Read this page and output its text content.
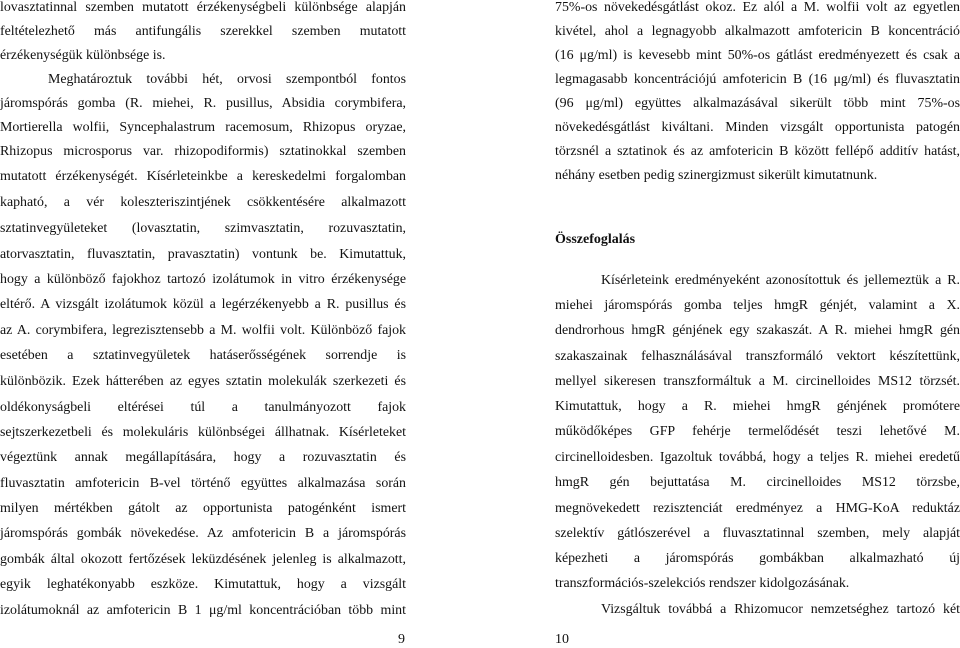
lovasztatinnal szemben mutatott érzékenységbeli különbsége alapján
feltételezhető más antifungális szerekkel szemben mutatott
érzékenységük különbsége is.
Meghatároztuk további hét, orvosi szempontból fontos
járomspórás gomba (R. miehei, R. pusillus, Absidia corymbifera,
Mortierella wolfii, Syncephalastrum racemosum, Rhizopus oryzae,
Rhizopus microsporus var. rhizopodiformis) sztatinokkal szemben
mutatott érzékenységét. Kísérleteinkbe a kereskedelmi forgalomban
kapható, a vér koleszteriszintjének csökkentésére alkalmazott
sztatinvegyületeket (lovasztatin, szimvasztatin, rozuvasztatin,
atorvasztatin, fluvasztatin, pravasztatin) vontunk be. Kimutattuk,
hogy a különböző fajokhoz tartozó izolátumok in vitro érzékenysége
eltérő. A vizsgált izolátumok közül a legérzékenyebb a R. pusillus és
az A. corymbifera, legrezisztensebb a M. wolfii volt. Különböző fajok
esetében a sztatinvegyületek hatáserősségének sorrendje is
különbözik. Ezek hátterében az egyes sztatin molekulák szerkezeti és
oldékonyságbeli eltérései túl a tanulmányozott fajok
sejtszerkezetbeli és molekuláris különbségei állhatnak. Kísérleteket
végeztünk annak megállapítására, hogy a rozuvasztatin és
fluvasztatin amfotericin B-vel történő együttes alkalmazása során
milyen mértékben gátolt az opportunista patogénként ismert
járomspórás gombák növekedése. Az amfotericin B a járomspórás
gombák által okozott fertőzések leküzdésének jelenleg is alkalmazott,
egyik leghatékonyabb eszköze. Kimutattuk, hogy a vizsgált
izolátumoknál az amfotericin B 1 μg/ml koncentrációban több mint
9
75%-os növekedésgátlást okoz. Ez alól a M. wolfii volt az egyetlen
kivétel, ahol a legnagyobb alkalmazott amfotericin B koncentráció
(16 μg/ml) is kevesebb mint 50%-os gátlást eredményezett és csak a
legmagasabb koncentrációjú amfotericin B (16 μg/ml) és fluvasztatin
(96 μg/ml) együttes alkalmazásával sikerült több mint 75%-os
növekedésgátlást kiváltani. Minden vizsgált opportunista patogén
törzsnél a sztatinok és az amfotericin B között fellépő additív hatást,
néhány esetben pedig szinergizmust sikerült kimutatnunk.
Összefoglalás
Kísérleteink eredményeként azonosítottuk és jellemeztük a R.
miehei járomspórás gomba teljes hmgR génjét, valamint a X.
dendrorhous hmgR génjének egy szakaszát. A R. miehei hmgR gén
szakaszainak felhasználásával transzformáló vektort készítettünk,
mellyel sikeresen transzformáltuk a M. circinelloides MS12 törzsét.
Kimutattuk, hogy a R. miehei hmgR génjének promótere
működőképes GFP fehérje termelődését teszi lehetővé M.
circinelloidesben. Igazoltuk továbbá, hogy a teljes R. miehei eredetű
hmgR gén bejuttatása M. circinelloides MS12 törzsbe,
megnövekedett rezisztenciát eredményez a HMG-KoA reduktáz
szelektív gátlószerével a fluvasztatinnal szemben, mely alapját
képezheti a járomspórás gombákban alkalmazható új
transzformációs-szelekciós rendszer kidolgozásának.
Vizsgáltuk továbbá a Rhizomucor nemzetséghez tartozó két
10
